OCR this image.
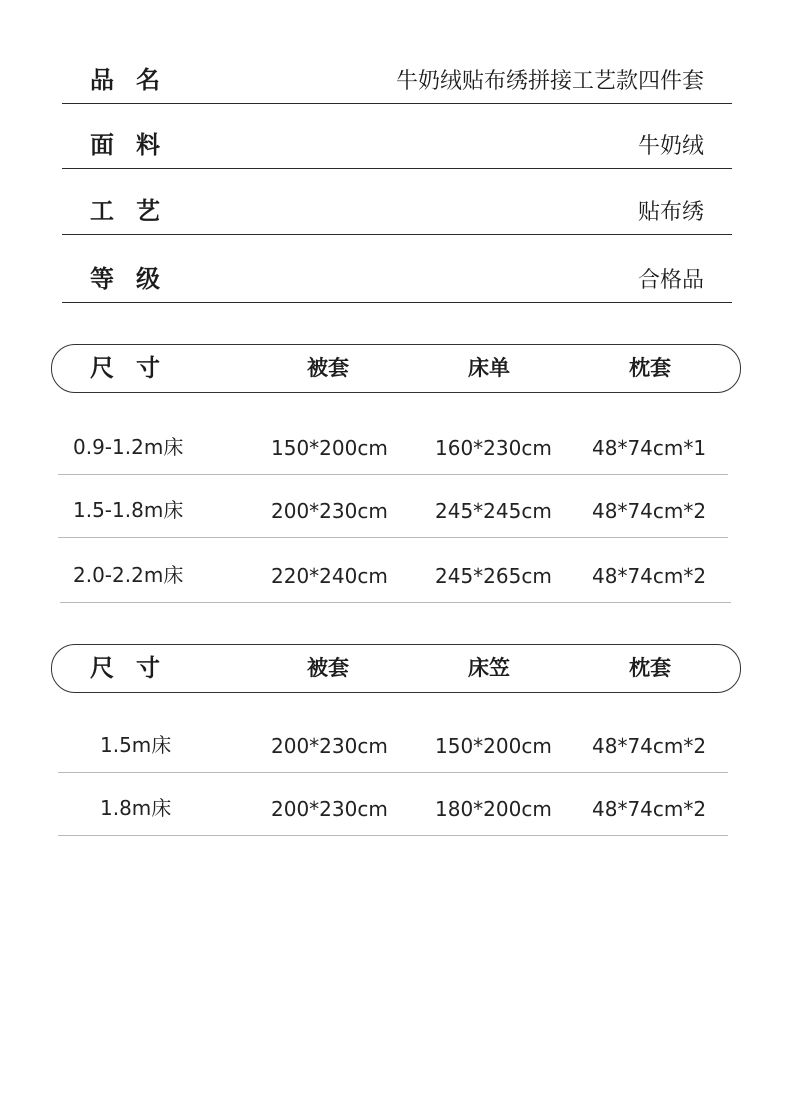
品名	牛奶绒贴布绣拼接工艺款四件套
面料	牛奶绒
工艺	贴布绣
等级	合格品
尺寸	被套	床单	枕套
0.9-1.2m床	150*200cm 160*230cm 48*74cm*1
1.5-1.8m床	200*230cm 245*245cm 48*74cm*2
2.0-2.2m床	220*240cm 245*265cm 48*74cm*2
尺寸	被套	床笠	枕套
1.5m床	200*230cm 150*200cm 48*74cm*2
1.8m床	200*230cm 180*200cm 48*74cm*2
